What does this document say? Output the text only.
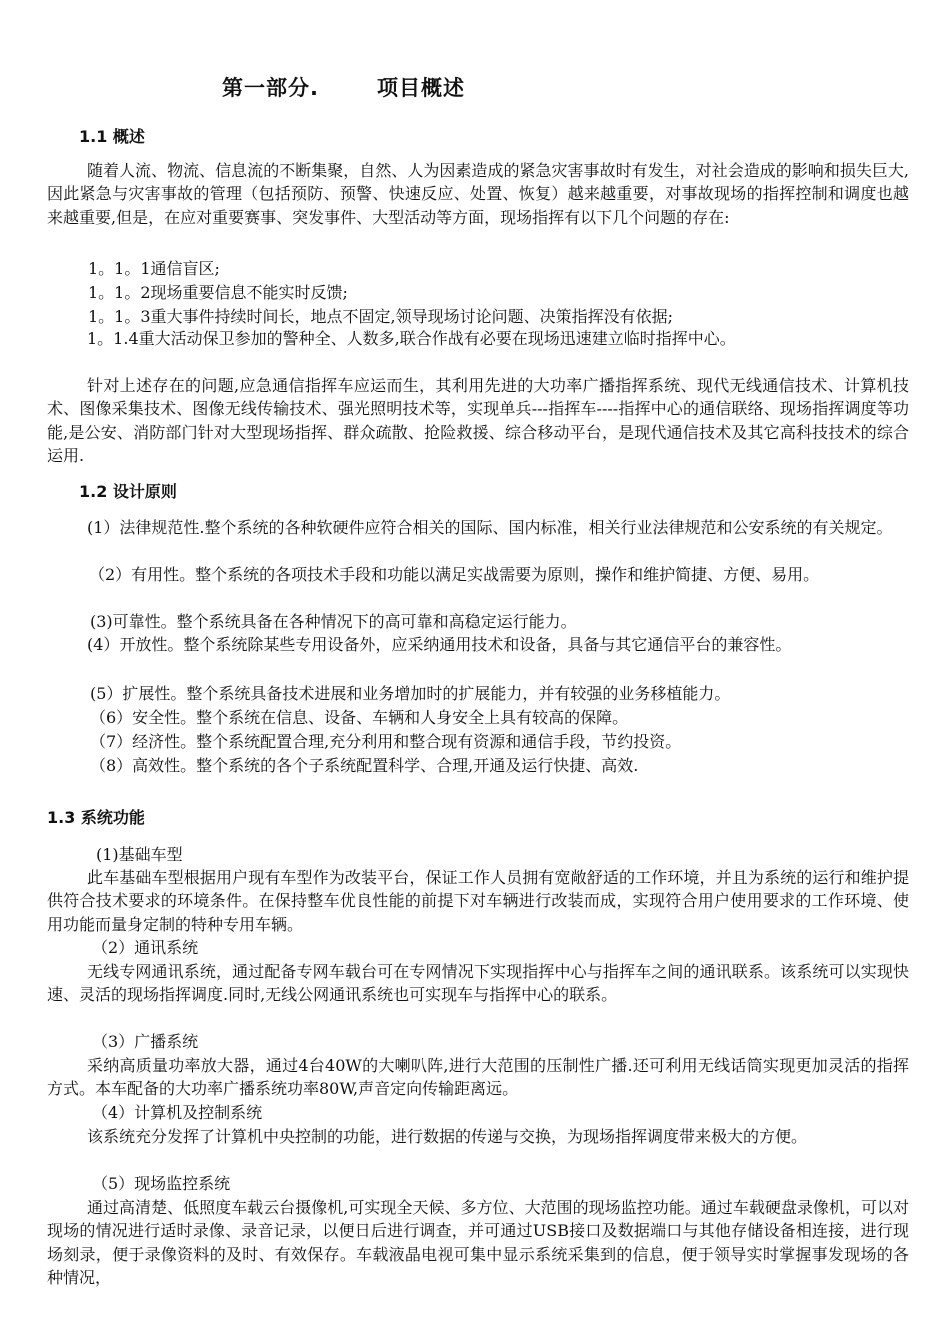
第一部分.	项目概述
1.1 概述

随着人流、物流、信息流的不断集聚，自然、人为因素造成的紧急灾害事故时有发生，对社会造成的影响和损失巨大,因此紧急与灾害事故的管理（包括预防、预警、快速反应、处置、恢复）越来越重要，对事故现场的指挥控制和调度也越来越重要,但是，在应对重要赛事、突发事件、大型活动等方面，现场指挥有以下几个问题的存在:

1。1。1通信盲区;
1。1。2现场重要信息不能实时反馈;
1。1。3重大事件持续时间长，地点不固定,领导现场讨论问题、决策指挥没有依据;

1。1.4重大活动保卫参加的警种全、人数多,联合作战有必要在现场迅速建立临时指挥中心。

针对上述存在的问题,应急通信指挥车应运而生，其利用先进的大功率广播指挥系统、现代无线通信技术、计算机技术、图像采集技术、图像无线传输技术、强光照明技术等，实现单兵---指挥车----指挥中心的通信联络、现场指挥调度等功能,是公安、消防部门针对大型现场指挥、群众疏散、抢险救援、综合移动平台，是现代通信技术及其它高科技技术的综合运用.

1.2 设计原则

(1）法律规范性.整个系统的各种软硬件应符合相关的国际、国内标准，相关行业法律规范和公安系统的有关规定。

（2）有用性。整个系统的各项技术手段和功能以满足实战需要为原则，操作和维护简捷、方便、易用。

(3)可靠性。整个系统具备在各种情况下的高可靠和高稳定运行能力。

(4）开放性。整个系统除某些专用设备外，应采纳通用技术和设备，具备与其它通信平台的兼容性。

(5）扩展性。整个系统具备技术进展和业务增加时的扩展能力，并有较强的业务移植能力。
（6）安全性。整个系统在信息、设备、车辆和人身安全上具有较高的保障。
（7）经济性。整个系统配置合理,充分利用和整合现有资源和通信手段，节约投资。
（8）高效性。整个系统的各个子系统配置科学、合理,开通及运行快捷、高效.
1.3 系统功能
(1)基础车型

此车基础车型根据用户现有车型作为改装平台，保证工作人员拥有宽敞舒适的工作环境，并且为系统的运行和维护提供符合技术要求的环境条件。在保持整车优良性能的前提下对车辆进行改装而成，实现符合用户使用要求的工作环境、使用功能而量身定制的特种专用车辆。

（2）通讯系统

无线专网通讯系统，通过配备专网车载台可在专网情况下实现指挥中心与指挥车之间的通讯联系。该系统可以实现快速、灵活的现场指挥调度.同时,无线公网通讯系统也可实现车与指挥中心的联系。

（3）广播系统

采纳高质量功率放大器，通过4台40W的大喇叭阵,进行大范围的压制性广播.还可利用无线话筒实现更加灵活的指挥方式。本车配备的大功率广播系统功率80W,声音定向传输距离远。

（4）计算机及控制系统

该系统充分发挥了计算机中央控制的功能，进行数据的传递与交换，为现场指挥调度带来极大的方便。

（5）现场监控系统

通过高清楚、低照度车载云台摄像机,可实现全天候、多方位、大范围的现场监控功能。通过车载硬盘录像机，可以对现场的情况进行适时录像、录音记录，以便日后进行调查，并可通过USB接口及数据端口与其他存储设备相连接，进行现场刻录，便于录像资料的及时、有效保存。车载液晶电视可集中显示系统采集到的信息，便于领导实时掌握事发现场的各种情况，
